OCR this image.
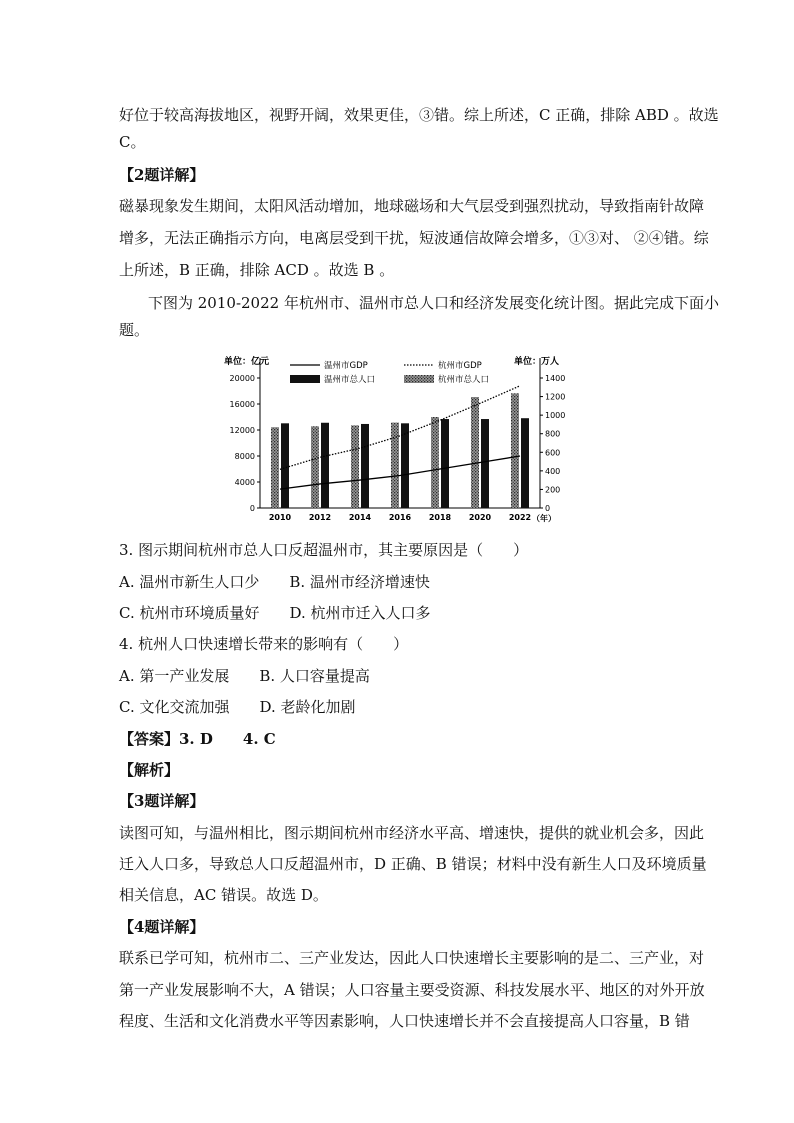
好位于较高海拔地区，视野开阔，效果更佳，③错。综上所述，C 正确，排除 ABD 。故选
C。
【2题详解】
磁暴现象发生期间，太阳风活动增加，地球磁场和大气层受到强烈扰动，导致指南针故障
增多，无法正确指示方向，电离层受到干扰，短波通信故障会增多，①③对、 ②④错。综
上所述，B 正确，排除 ACD 。故选 B 。
下图为 2010-2022 年杭州市、温州市总人口和经济发展变化统计图。据此完成下面小
题。
3. 图示期间杭州市总人口反超温州市，其主要原因是（　　）
A. 温州市新生人口少　　B. 温州市经济增速快
C. 杭州市环境质量好　　D. 杭州市迁入人口多
4. 杭州人口快速增长带来的影响有（　　）
A. 第一产业发展　　B. 人口容量提高
C. 文化交流加强　　D. 老龄化加剧
【答案】3. D　　4. C
【解析】
【3题详解】
读图可知，与温州相比，图示期间杭州市经济水平高、增速快，提供的就业机会多，因此
迁入人口多，导致总人口反超温州市，D 正确、B 错误；材料中没有新生人口及环境质量
相关信息，AC 错误。故选 D。
【4题详解】
联系已学可知，杭州市二、三产业发达，因此人口快速增长主要影响的是二、三产业，对
第一产业发展影响不大，A 错误；人口容量主要受资源、科技发展水平、地区的对外开放
程度、生活和文化消费水平等因素影响，人口快速增长并不会直接提高人口容量，B 错
单位：亿元	单位：万人
（年）
温州市GDP	杭州市GDP
温州市总人口	杭州市总人口
0
4000
8000
12000
16000
20000
0
200
400
600
800
1000
1200
1400
2010 2012 2014 2016 2018 2020 2022
